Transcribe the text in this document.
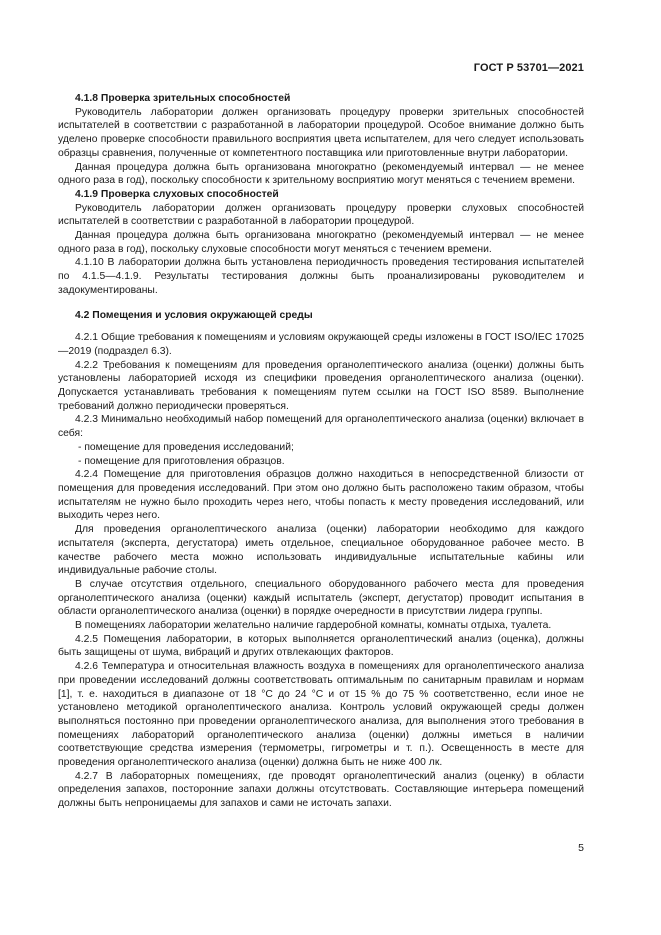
ГОСТ Р 53701—2021

4.1.8 Проверка зрительных способностей

Руководитель лаборатории должен организовать процедуру проверки зрительных способностей испытателей в соответствии с разработанной в лаборатории процедурой. Особое внимание должно быть уделено проверке способности правильного восприятия цвета испытателем, для чего следует использовать образцы сравнения, полученные от компетентного поставщика или приготовленные внутри лаборатории.

Данная процедура должна быть организована многократно (рекомендуемый интервал — не менее одного раза в год), поскольку способности к зрительному восприятию могут меняться с течением времени.

4.1.9 Проверка слуховых способностей

Руководитель лаборатории должен организовать процедуру проверки слуховых способностей испытателей в соответствии с разработанной в лаборатории процедурой.

Данная процедура должна быть организована многократно (рекомендуемый интервал — не менее одного раза в год), поскольку слуховые способности могут меняться с течением времени.

4.1.10 В лаборатории должна быть установлена периодичность проведения тестирования испытателей по 4.1.5—4.1.9. Результаты тестирования должны быть проанализированы руководителем и задокументированы.

4.2 Помещения и условия окружающей среды

4.2.1 Общие требования к помещениям и условиям окружающей среды изложены в ГОСТ ISO/IEC 17025—2019 (подраздел 6.3).

4.2.2 Требования к помещениям для проведения органолептического анализа (оценки) должны быть установлены лабораторией исходя из специфики проведения органолептического анализа (оценки). Допускается устанавливать требования к помещениям путем ссылки на ГОСТ ISO 8589. Выполнение требований должно периодически проверяться.

4.2.3 Минимально необходимый набор помещений для органолептического анализа (оценки) включает в себя:

- помещение для проведения исследований;

- помещение для приготовления образцов.

4.2.4 Помещение для приготовления образцов должно находиться в непосредственной близости от помещения для проведения исследований. При этом оно должно быть расположено таким образом, чтобы испытателям не нужно было проходить через него, чтобы попасть к месту проведения исследований, или выходить через него.

Для проведения органолептического анализа (оценки) лаборатории необходимо для каждого испытателя (эксперта, дегустатора) иметь отдельное, специальное оборудованное рабочее место. В качестве рабочего места можно использовать индивидуальные испытательные кабины или индивидуальные рабочие столы.

В случае отсутствия отдельного, специального оборудованного рабочего места для проведения органолептического анализа (оценки) каждый испытатель (эксперт, дегустатор) проводит испытания в области органолептического анализа (оценки) в порядке очередности в присутствии лидера группы.

В помещениях лаборатории желательно наличие гардеробной комнаты, комнаты отдыха, туалета.

4.2.5 Помещения лаборатории, в которых выполняется органолептический анализ (оценка), должны быть защищены от шума, вибраций и других отвлекающих факторов.

4.2.6 Температура и относительная влажность воздуха в помещениях для органолептического анализа при проведении исследований должны соответствовать оптимальным по санитарным правилам и нормам [1], т. е. находиться в диапазоне от 18 °С до 24 °С и от 15 % до 75 % соответственно, если иное не установлено методикой органолептического анализа. Контроль условий окружающей среды должен выполняться постоянно при проведении органолептического анализа, для выполнения этого требования в помещениях лабораторий органолептического анализа (оценки) должны иметься в наличии соответствующие средства измерения (термометры, гигрометры и т. п.). Освещенность в месте для проведения органолептического анализа (оценки) должна быть не ниже 400 лк.

4.2.7 В лабораторных помещениях, где проводят органолептический анализ (оценку) в области определения запахов, посторонние запахи должны отсутствовать. Составляющие интерьера помещений должны быть непроницаемы для запахов и сами не источать запахи.

5
